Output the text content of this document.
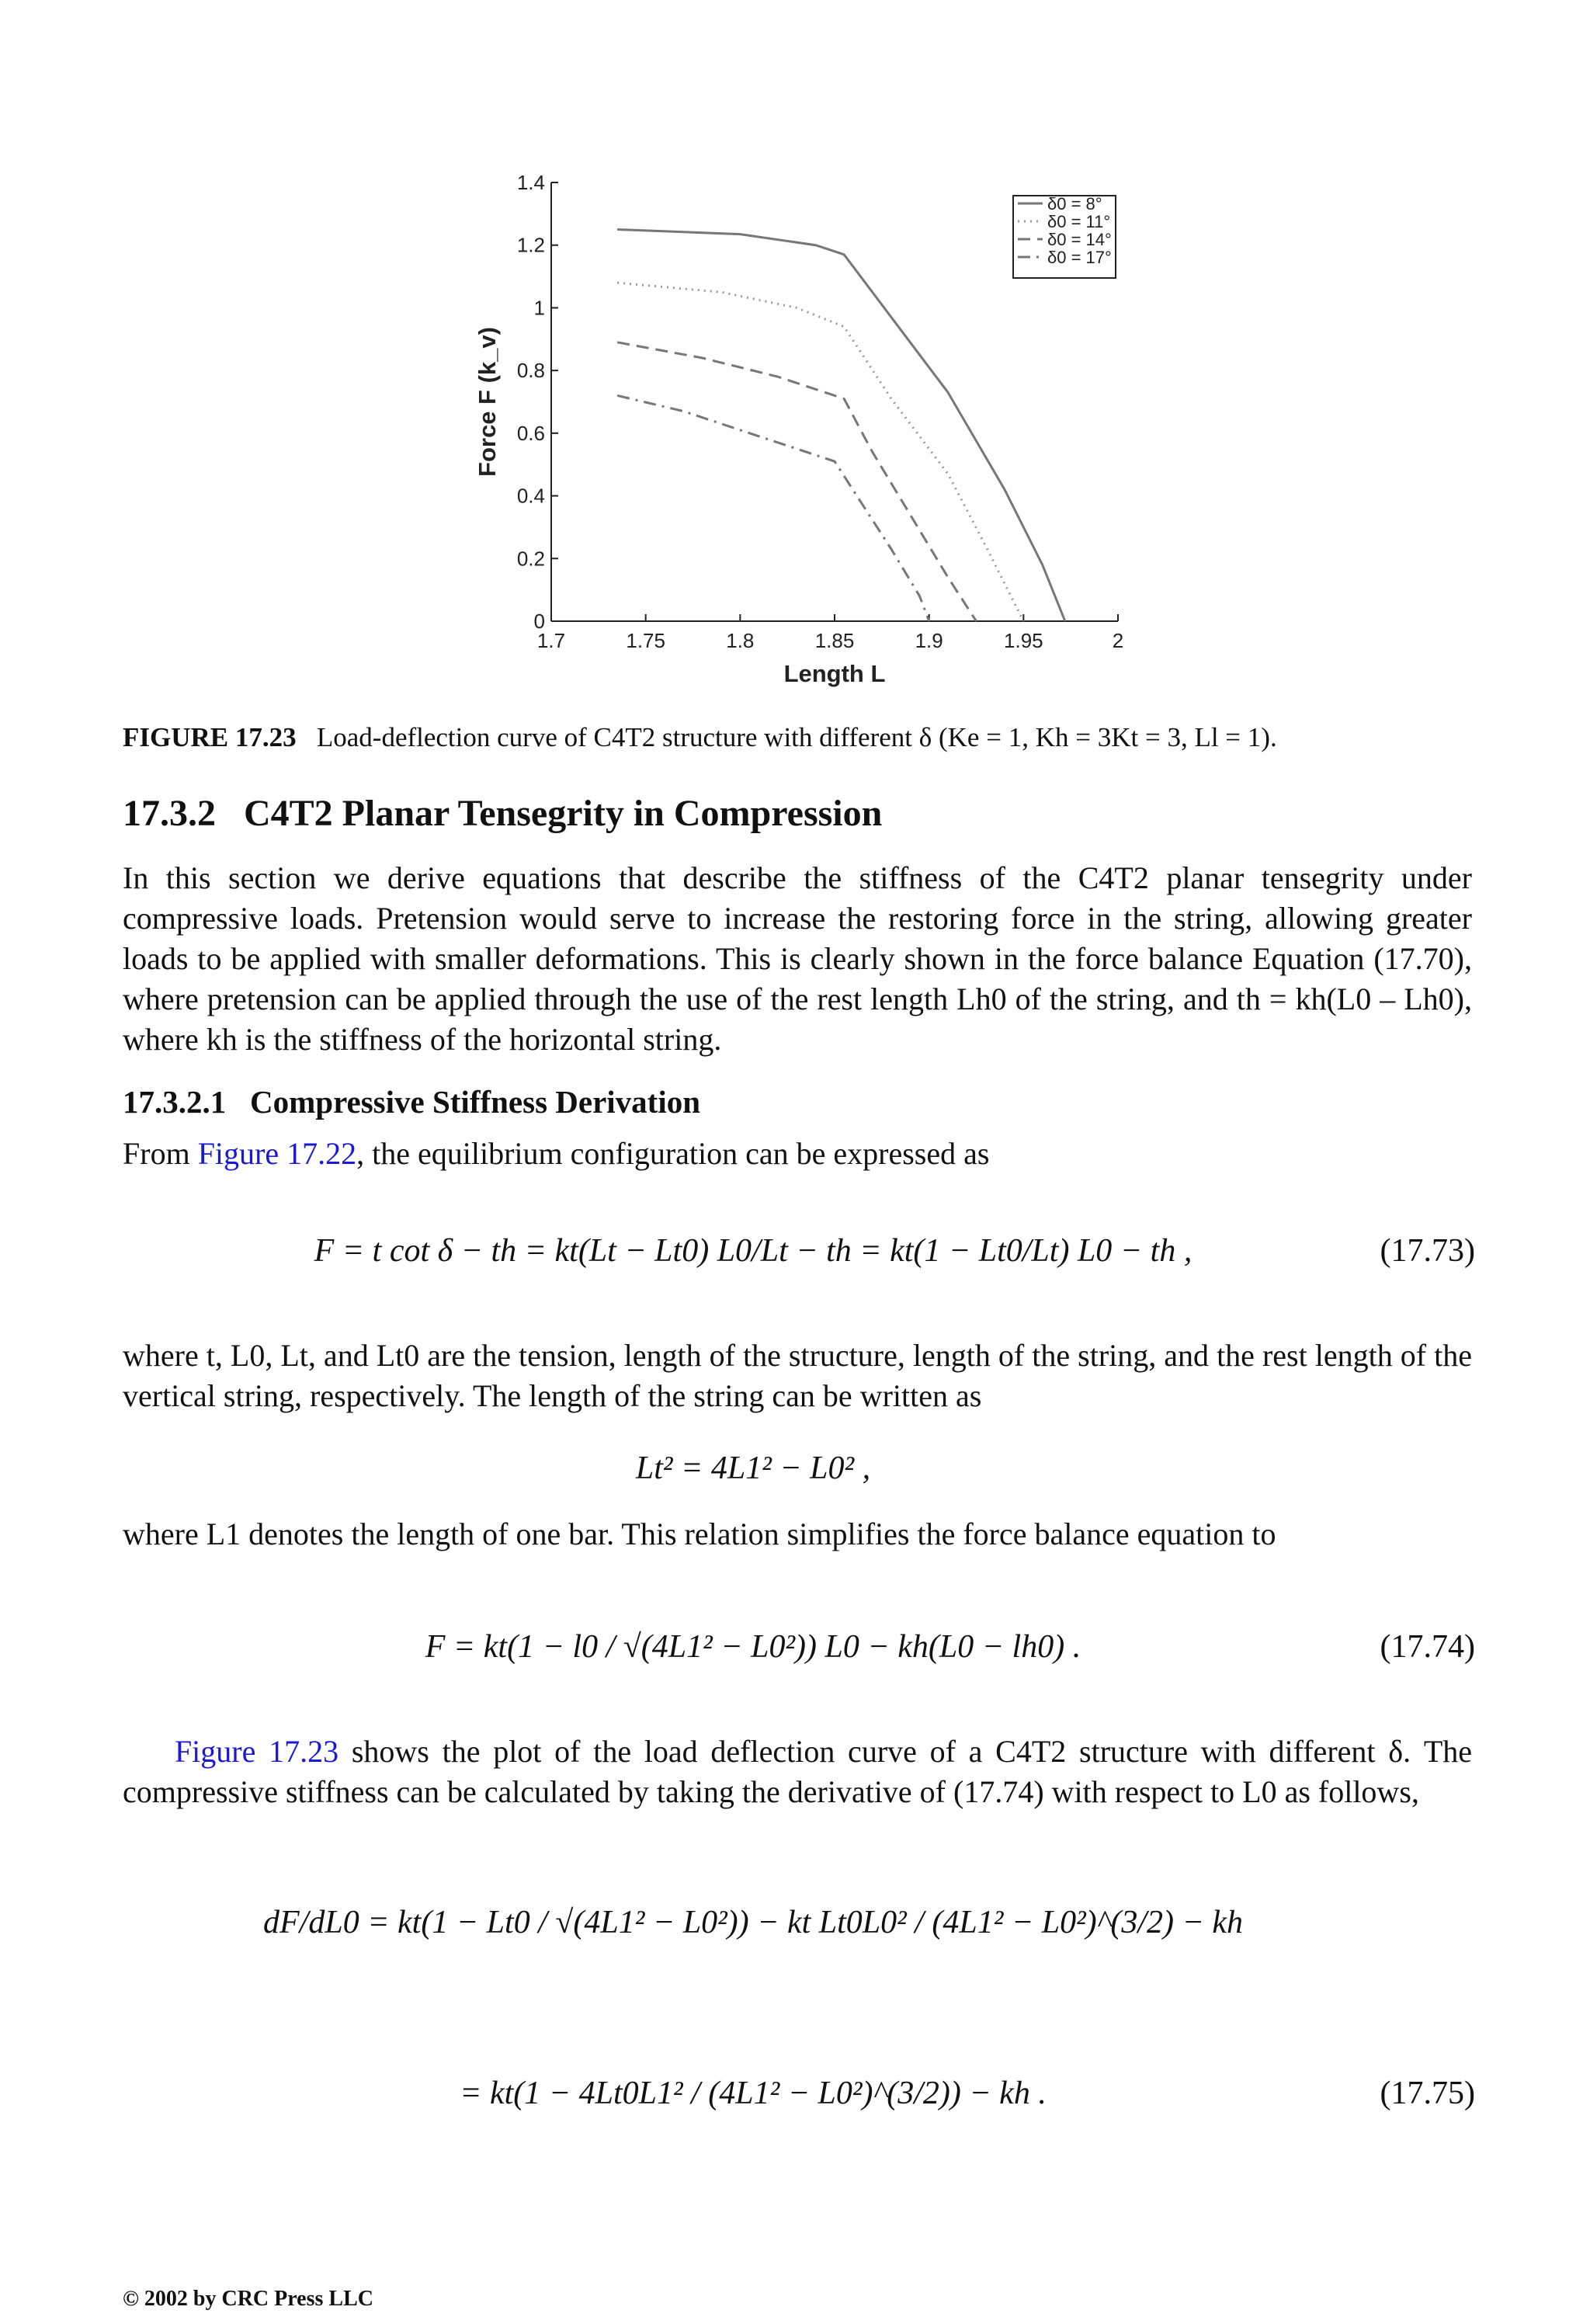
1.7	1.75	1.8	1.85	1.9	1.95	2
0
0.2
0.4
0.6
0.8
1
1.2
1.4
Length L
Force F (k_v)
δ0 = 8°
δ0 = 11°
δ0 = 14°
δ0 = 17°
FIGURE 17.23 Load-deflection curve of C4T2 structure with different δ (Ke = 1, Kh = 3Kt = 3, Ll = 1).
17.3.2 C4T2 Planar Tensegrity in Compression
In this section we derive equations that describe the stiffness of the C4T2 planar tensegrity under compressive loads. Pretension would serve to increase the restoring force in the string, allowing greater loads to be applied with smaller deformations. This is clearly shown in the force balance Equation (17.70), where pretension can be applied through the use of the rest length Lh0 of the string, and th = kh(L0 – Lh0), where kh is the stiffness of the horizontal string.
17.3.2.1 Compressive Stiffness Derivation
From Figure 17.22, the equilibrium configuration can be expressed as
F = t cot δ − th = kt(Lt − Lt0) L0/Lt − th = kt(1 − Lt0/Lt) L0 − th ,	(17.73)
where t, L0, Lt, and Lt0 are the tension, length of the structure, length of the string, and the rest length of the vertical string, respectively. The length of the string can be written as
Lt² = 4L1² − L0² ,
where L1 denotes the length of one bar. This relation simplifies the force balance equation to
F = kt(1 − l0 / √(4L1² − L0²)) L0 − kh(L0 − lh0) .	(17.74)
Figure 17.23 shows the plot of the load deflection curve of a C4T2 structure with different δ. The compressive stiffness can be calculated by taking the derivative of (17.74) with respect to L0 as follows,
dF/dL0 = kt(1 − Lt0 / √(4L1² − L0²)) − kt Lt0L0² / (4L1² − L0²)^(3/2) − kh
= kt(1 − 4Lt0L1² / (4L1² − L0²)^(3/2)) − kh .	(17.75)
© 2002 by CRC Press LLC
